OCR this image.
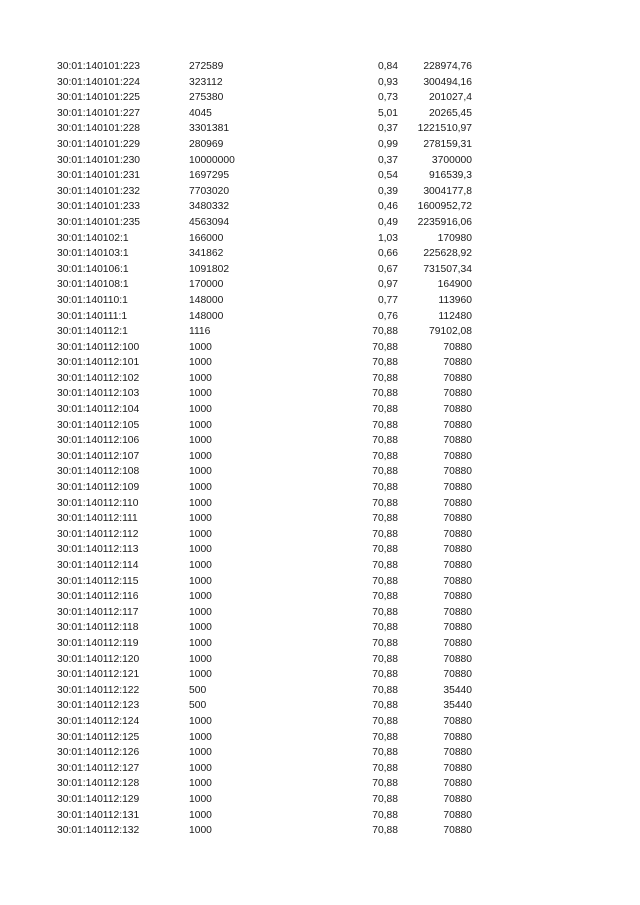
30:01:140101:223	272589	0,84 228974,76
30:01:140101:224	323112	0,93 300494,16
30:01:140101:225	275380	0,73	201027,4
30:01:140101:227	4045	5,01	20265,45
30:01:140101:228	3301381	0,37 1221510,97
30:01:140101:229	280969	0,99 278159,31
30:01:140101:230	10000000	0,37	3700000
30:01:140101:231	1697295	0,54	916539,3
30:01:140101:232	7703020	0,39 3004177,8
30:01:140101:233	3480332	0,46 1600952,72
30:01:140101:235	4563094	0,49 2235916,06
30:01:140102:1	166000	1,03	170980
30:01:140103:1	341862	0,66 225628,92
30:01:140106:1	1091802	0,67 731507,34
30:01:140108:1	170000	0,97	164900
30:01:140110:1	148000	0,77	113960
30:01:140111:1	148000	0,76	112480
30:01:140112:1	1116	70,88	79102,08
30:01:140112:100	1000	70,88	70880
30:01:140112:101	1000	70,88	70880
30:01:140112:102	1000	70,88	70880
30:01:140112:103	1000	70,88	70880
30:01:140112:104	1000	70,88	70880
30:01:140112:105	1000	70,88	70880
30:01:140112:106	1000	70,88	70880
30:01:140112:107	1000	70,88	70880
30:01:140112:108	1000	70,88	70880
30:01:140112:109	1000	70,88	70880
30:01:140112:110	1000	70,88	70880
30:01:140112:111	1000	70,88	70880
30:01:140112:112	1000	70,88	70880
30:01:140112:113	1000	70,88	70880
30:01:140112:114	1000	70,88	70880
30:01:140112:115	1000	70,88	70880
30:01:140112:116	1000	70,88	70880
30:01:140112:117	1000	70,88	70880
30:01:140112:118	1000	70,88	70880
30:01:140112:119	1000	70,88	70880
30:01:140112:120	1000	70,88	70880
30:01:140112:121	1000	70,88	70880
30:01:140112:122	500	70,88	35440
30:01:140112:123	500	70,88	35440
30:01:140112:124	1000	70,88	70880
30:01:140112:125	1000	70,88	70880
30:01:140112:126	1000	70,88	70880
30:01:140112:127	1000	70,88	70880
30:01:140112:128	1000	70,88	70880
30:01:140112:129	1000	70,88	70880
30:01:140112:131	1000	70,88	70880
30:01:140112:132	1000	70,88	70880
